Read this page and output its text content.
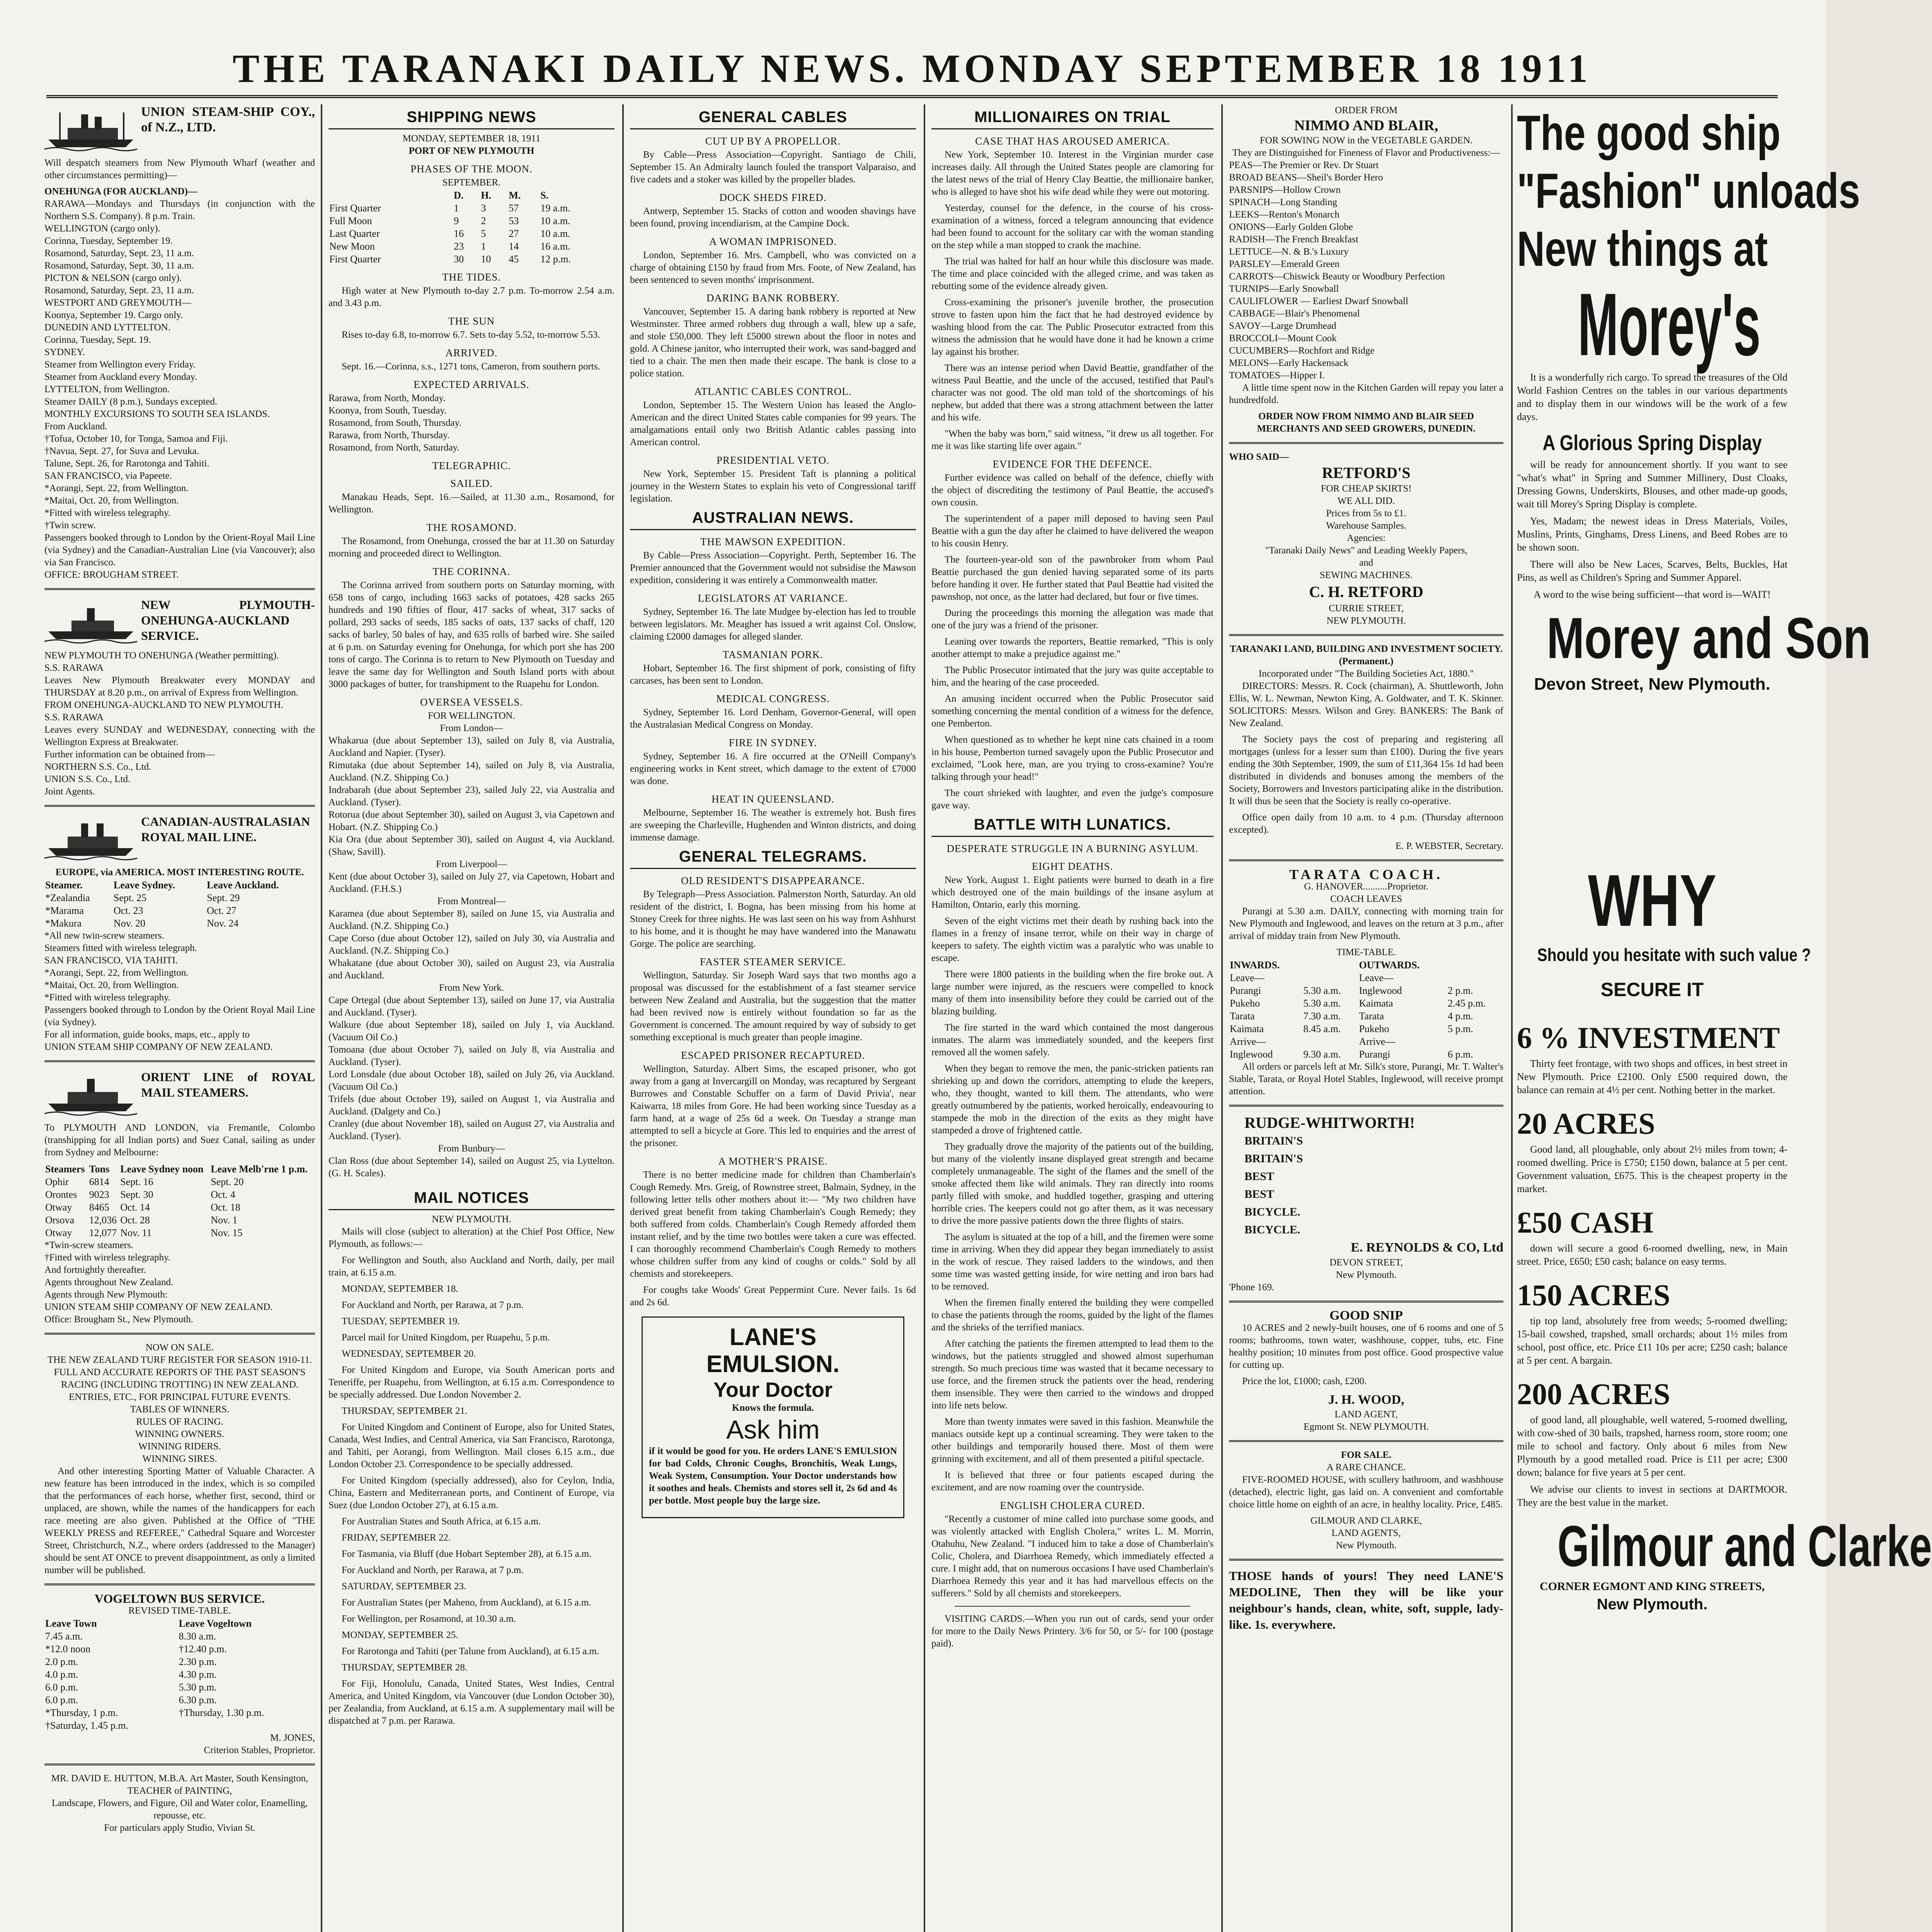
THE TARANAKI DAILY NEWS. MONDAY SEPTEMBER 18 1911
UNION STEAM-SHIP COY., of N.Z., LTD.

Will despatch steamers from New Plymouth Wharf (weather and other circumstances permitting)—

ONEHUNGA (FOR AUCKLAND)—
RARAWA—Mondays and Thursdays (in conjunction with the Northern S.S. Company). 8 p.m. Train.
WELLINGTON (cargo only).
Corinna, Tuesday, September 19.
Rosamond, Saturday, Sept. 23, 11 a.m.
Rosamond, Saturday, Sept. 30, 11 a.m.
PICTON & NELSON (cargo only).
Rosamond, Saturday, Sept. 23, 11 a.m.
WESTPORT AND GREYMOUTH—
Koonya, September 19. Cargo only.
DUNEDIN AND LYTTELTON.
Corinna, Tuesday, Sept. 19.
SYDNEY.
Steamer from Wellington every Friday.
Steamer from Auckland every Monday.
LYTTELTON, from Wellington.
Steamer DAILY (8 p.m.), Sundays excepted.
MONTHLY EXCURSIONS TO SOUTH SEA ISLANDS.
From Auckland.
†Tofua, October 10, for Tonga, Samoa and Fiji.
†Navua, Sept. 27, for Suva and Levuka.
Talune, Sept. 26, for Rarotonga and Tahiti.
SAN FRANCISCO, via Papeete.
*Aorangi, Sept. 22, from Wellington.
*Maitai, Oct. 20, from Wellington.
*Fitted with wireless telegraphy.
†Twin screw.
Passengers booked through to London by the Orient-Royal Mail Line (via Sydney) and the Canadian-Australian Line (via Vancouver); also via San Francisco.
OFFICE: BROUGHAM STREET.
NEW PLYMOUTH-ONEHUNGA-AUCKLAND SERVICE.
NEW PLYMOUTH TO ONEHUNGA (Weather permitting).
S.S. RARAWA
Leaves New Plymouth Breakwater every MONDAY and THURSDAY at 8.20 p.m., on arrival of Express from Wellington.
FROM ONEHUNGA-AUCKLAND TO NEW PLYMOUTH.
S.S. RARAWA
Leaves every SUNDAY and WEDNESDAY, connecting with the Wellington Express at Breakwater.
Further information can be obtained from—
NORTHERN S.S. Co., Ltd.
UNION S.S. Co., Ltd.
Joint Agents.
CANADIAN-AUSTRALASIAN ROYAL MAIL LINE.
EUROPE, via AMERICA. MOST INTERESTING ROUTE.
Steamer.	Leave Sydney.	Leave Auckland.
*Zealandia	Sept. 25	Sept. 29
*Marama	Oct. 23	Oct. 27
*Makura	Nov. 20	Nov. 24
*All new twin-screw steamers.
Steamers fitted with wireless telegraph.
SAN FRANCISCO, VIA TAHITI.
*Aorangi, Sept. 22, from Wellington.
*Maitai, Oct. 20, from Wellington.
*Fitted with wireless telegraphy.
Passengers booked through to London by the Orient Royal Mail Line (via Sydney).
For all information, guide books, maps, etc., apply to
UNION STEAM SHIP COMPANY OF NEW ZEALAND.
ORIENT LINE of ROYAL MAIL STEAMERS.

To PLYMOUTH AND LONDON, via Fremantle, Colombo (transhipping for all Indian ports) and Suez Canal, sailing as under from Sydney and Melbourne:

Steamers	Tons	Leave Sydney noon	Leave Melb'rne 1 p.m.
Ophir	6814	Sept. 16	Sept. 20
Orontes	9023	Sept. 30	Oct. 4
Otway	8465	Oct. 14	Oct. 18
Orsova	12,036	Oct. 28	Nov. 1
Otway	12,077	Nov. 11	Nov. 15
*Twin-screw steamers.
†Fitted with wireless telegraphy.
And fortnightly thereafter.
Agents throughout New Zealand.
Agents through New Plymouth:
UNION STEAM SHIP COMPANY OF NEW ZEALAND.
Office: Brougham St., New Plymouth.
NOW ON SALE.
THE NEW ZEALAND TURF REGISTER FOR SEASON 1910-11.
FULL AND ACCURATE REPORTS OF THE PAST SEASON'S RACING (INCLUDING TROTTING) IN NEW ZEALAND.
ENTRIES, ETC., FOR PRINCIPAL FUTURE EVENTS.
TABLES OF WINNERS.
RULES OF RACING.
WINNING OWNERS.
WINNING RIDERS.
WINNING SIRES.

And other interesting Sporting Matter of Valuable Character. A new feature has been introduced in the index, which is so compiled that the performances of each horse, whether first, second, third or unplaced, are shown, while the names of the handicappers for each race meeting are also given. Published at the Office of "THE WEEKLY PRESS and REFEREE," Cathedral Square and Worcester Street, Christchurch, N.Z., where orders (addressed to the Manager) should be sent AT ONCE to prevent disappointment, as only a limited number will be published.

VOGELTOWN BUS SERVICE.
REVISED TIME-TABLE.
Leave Town	Leave Vogeltown
7.45 a.m.	8.30 a.m.
*12.0 noon	†12.40 p.m.
2.0 p.m.	2.30 p.m.
4.0 p.m.	4.30 p.m.
6.0 p.m.	5.30 p.m.
6.0 p.m.	6.30 p.m.
*Thursday, 1 p.m.	†Thursday, 1.30 p.m.
†Saturday, 1.45 p.m.	
M. JONES,
Criterion Stables, Proprietor.
MR. DAVID E. HUTTON, M.B.A. Art Master, South Kensington, TEACHER of PAINTING,
Landscape, Flowers, and Figure, Oil and Water color, Enamelling, repousse, etc.
For particulars apply Studio, Vivian St.
SHIPPING NEWS
MONDAY, SEPTEMBER 18, 1911
PORT OF NEW PLYMOUTH
PHASES OF THE MOON.
SEPTEMBER.
	D.	H.	M.	S.
First Quarter	1	3	57	19 a.m.
Full Moon	9	2	53	10 a.m.
Last Quarter	16	5	27	10 a.m.
New Moon	23	1	14	16 a.m.
First Quarter	30	10	45	12 p.m.
THE TIDES.

High water at New Plymouth to-day 2.7 p.m. To-morrow 2.54 a.m. and 3.43 p.m.

THE SUN

Rises to-day 6.8, to-morrow 6.7. Sets to-day 5.52, to-morrow 5.53.

ARRIVED.

Sept. 16.—Corinna, s.s., 1271 tons, Cameron, from southern ports.

EXPECTED ARRIVALS.
Rarawa, from North, Monday.
Koonya, from South, Tuesday.
Rosamond, from South, Thursday.
Rarawa, from North, Thursday.
Rosamond, from North, Saturday.
TELEGRAPHIC.
SAILED.

Manakau Heads, Sept. 16.—Sailed, at 11.30 a.m., Rosamond, for Wellington.

THE ROSAMOND.

The Rosamond, from Onehunga, crossed the bar at 11.30 on Saturday morning and proceeded direct to Wellington.

THE CORINNA.

The Corinna arrived from southern ports on Saturday morning, with 658 tons of cargo, including 1663 sacks of potatoes, 428 sacks 265 hundreds and 190 fifties of flour, 417 sacks of wheat, 317 sacks of pollard, 293 sacks of seeds, 185 sacks of oats, 137 sacks of chaff, 120 sacks of barley, 50 bales of hay, and 635 rolls of barbed wire. She sailed at 6 p.m. on Saturday evening for Onehunga, for which port she has 200 tons of cargo. The Corinna is to return to New Plymouth on Tuesday and leave the same day for Wellington and South Island ports with about 3000 packages of butter, for transhipment to the Ruapehu for London.

OVERSEA VESSELS.
FOR WELLINGTON.
From London—
Whakarua (due about September 13), sailed on July 8, via Australia, Auckland and Napier. (Tyser).
Rimutaka (due about September 14), sailed on July 8, via Australia, Auckland. (N.Z. Shipping Co.)
Indrabarah (due about September 23), sailed July 22, via Australia and Auckland. (Tyser).
Rotorua (due about September 30), sailed on August 3, via Capetown and Hobart. (N.Z. Shipping Co.)
Kia Ora (due about September 30), sailed on August 4, via Auckland. (Shaw, Savill).
From Liverpool—
Kent (due about October 3), sailed on July 27, via Capetown, Hobart and Auckland. (F.H.S.)
From Montreal—
Karamea (due about September 8), sailed on June 15, via Australia and Auckland. (N.Z. Shipping Co.)
Cape Corso (due about October 12), sailed on July 30, via Australia and Auckland. (N.Z. Shipping Co.)
Whakatane (due about October 30), sailed on August 23, via Australia and Auckland.
From New York.
Cape Ortegal (due about September 13), sailed on June 17, via Australia and Auckland. (Tyser).
Walkure (due about September 18), sailed on July 1, via Auckland. (Vacuum Oil Co.)
Tomoana (due about October 7), sailed on July 8, via Australia and Auckland. (Tyser).
Lord Lonsdale (due about October 18), sailed on July 26, via Auckland. (Vacuum Oil Co.)
Trifels (due about October 19), sailed on August 1, via Australia and Auckland. (Dalgety and Co.)
Cranley (due about November 18), sailed on August 27, via Australia and Auckland. (Tyser).
From Bunbury—
Clan Ross (due about September 14), sailed on August 25, via Lyttelton. (G. H. Scales).
MAIL NOTICES
NEW PLYMOUTH.

Mails will close (subject to alteration) at the Chief Post Office, New Plymouth, as follows:—

For Wellington and South, also Auckland and North, daily, per mail train, at 6.15 a.m.

MONDAY, SEPTEMBER 18.

For Auckland and North, per Rarawa, at 7 p.m.

TUESDAY, SEPTEMBER 19.

Parcel mail for United Kingdom, per Ruapehu, 5 p.m.

WEDNESDAY, SEPTEMBER 20.

For United Kingdom and Europe, via South American ports and Teneriffe, per Ruapehu, from Wellington, at 6.15 a.m. Correspondence to be specially addressed. Due London November 2.

THURSDAY, SEPTEMBER 21.

For United Kingdom and Continent of Europe, also for United States, Canada, West Indies, and Central America, via San Francisco, Rarotonga, and Tahiti, per Aorangi, from Wellington. Mail closes 6.15 a.m., due London October 23. Correspondence to be specially addressed.

For United Kingdom (specially addressed), also for Ceylon, India, China, Eastern and Mediterranean ports, and Continent of Europe, via Suez (due London October 27), at 6.15 a.m.

For Australian States and South Africa, at 6.15 a.m.

FRIDAY, SEPTEMBER 22.

For Tasmania, via Bluff (due Hobart September 28), at 6.15 a.m.

For Auckland and North, per Rarawa, at 7 p.m.

SATURDAY, SEPTEMBER 23.

For Australian States (per Maheno, from Auckland), at 6.15 a.m.

For Wellington, per Rosamond, at 10.30 a.m.

MONDAY, SEPTEMBER 25.

For Rarotonga and Tahiti (per Talune from Auckland), at 6.15 a.m.

THURSDAY, SEPTEMBER 28.

For Fiji, Honolulu, Canada, United States, West Indies, Central America, and United Kingdom, via Vancouver (due London October 30), per Zealandia, from Auckland, at 6.15 a.m. A supplementary mail will be dispatched at 7 p.m. per Rarawa.

GENERAL CABLES
CUT UP BY A PROPELLOR.

By Cable—Press Association—Copyright. Santiago de Chili, September 15. An Admiralty launch fouled the transport Valparaiso, and five cadets and a stoker was killed by the propeller blades.

DOCK SHEDS FIRED.

Antwerp, September 15. Stacks of cotton and wooden shavings have been found, proving incendiarism, at the Campine Dock.

A WOMAN IMPRISONED.

London, September 16. Mrs. Campbell, who was convicted on a charge of obtaining £150 by fraud from Mrs. Foote, of New Zealand, has been sentenced to seven months' imprisonment.

DARING BANK ROBBERY.

Vancouver, September 15. A daring bank robbery is reported at New Westminster. Three armed robbers dug through a wall, blew up a safe, and stole £50,000. They left £5000 strewn about the floor in notes and gold. A Chinese janitor, who interrupted their work, was sand-bagged and tied to a chair. The men then made their escape. The bank is close to a police station.

ATLANTIC CABLES CONTROL.

London, September 15. The Western Union has leased the Anglo-American and the direct United States cable companies for 99 years. The amalgamations entail only two British Atlantic cables passing into American control.

PRESIDENTIAL VETO.

New York, September 15. President Taft is planning a political journey in the Western States to explain his veto of Congressional tariff legislation.

AUSTRALIAN NEWS.
THE MAWSON EXPEDITION.

By Cable—Press Association—Copyright. Perth, September 16. The Premier announced that the Government would not subsidise the Mawson expedition, considering it was entirely a Commonwealth matter.

LEGISLATORS AT VARIANCE.

Sydney, September 16. The late Mudgee by-election has led to trouble between legislators. Mr. Meagher has issued a writ against Col. Onslow, claiming £2000 damages for alleged slander.

TASMANIAN PORK.

Hobart, September 16. The first shipment of pork, consisting of fifty carcases, has been sent to London.

MEDICAL CONGRESS.

Sydney, September 16. Lord Denham, Governor-General, will open the Australasian Medical Congress on Monday.

FIRE IN SYDNEY.

Sydney, September 16. A fire occurred at the O'Neill Company's engineering works in Kent street, which damage to the extent of £7000 was done.

HEAT IN QUEENSLAND.

Melbourne, September 16. The weather is extremely hot. Bush fires are sweeping the Charleville, Hughenden and Winton districts, and doing immense damage.

GENERAL TELEGRAMS.
OLD RESIDENT'S DISAPPEARANCE.

By Telegraph—Press Association. Palmerston North, Saturday. An old resident of the district, I. Bogna, has been missing from his home at Stoney Creek for three nights. He was last seen on his way from Ashhurst to his home, and it is thought he may have wandered into the Manawatu Gorge. The police are searching.

FASTER STEAMER SERVICE.

Wellington, Saturday. Sir Joseph Ward says that two months ago a proposal was discussed for the establishment of a fast steamer service between New Zealand and Australia, but the suggestion that the matter had been revived now is entirely without foundation so far as the Government is concerned. The amount required by way of subsidy to get something exceptional is much greater than people imagine.

ESCAPED PRISONER RECAPTURED.

Wellington, Saturday. Albert Sims, the escaped prisoner, who got away from a gang at Invercargill on Monday, was recaptured by Sergeant Burrowes and Constable Schuffer on a farm of David Privia', near Kaiwarra, 18 miles from Gore. He had been working since Tuesday as a farm hand, at a wage of 25s 6d a week. On Tuesday a strange man attempted to sell a bicycle at Gore. This led to enquiries and the arrest of the prisoner.

A MOTHER'S PRAISE.

There is no better medicine made for children than Chamberlain's Cough Remedy. Mrs. Greig, of Rownstree street, Balmain, Sydney, in the following letter tells other mothers about it:— "My two children have derived great benefit from taking Chamberlain's Cough Remedy; they both suffered from colds. Chamberlain's Cough Remedy afforded them instant relief, and by the time two bottles were taken a cure was effected. I can thoroughly recommend Chamberlain's Cough Remedy to mothers whose children suffer from any kind of coughs or colds." Sold by all chemists and storekeepers.

For coughs take Woods' Great Peppermint Cure. Never fails. 1s 6d and 2s 6d.

LANE'S
EMULSION.
Your Doctor
Knows the formula.
Ask him

if it would be good for you. He orders LANE'S EMULSION for bad Colds, Chronic Coughs, Bronchitis, Weak Lungs, Weak System, Consumption. Your Doctor understands how it soothes and heals. Chemists and stores sell it, 2s 6d and 4s per bottle. Most people buy the large size.

MILLIONAIRES ON TRIAL
CASE THAT HAS AROUSED AMERICA.

New York, September 10. Interest in the Virginian murder case increases daily. All through the United States people are clamoring for the latest news of the trial of Henry Clay Beattie, the millionaire banker, who is alleged to have shot his wife dead while they were out motoring.

Yesterday, counsel for the defence, in the course of his cross-examination of a witness, forced a telegram announcing that evidence had been found to account for the solitary car with the woman standing on the step while a man stopped to crank the machine.

The trial was halted for half an hour while this disclosure was made. The time and place coincided with the alleged crime, and was taken as rebutting some of the evidence already given.

Cross-examining the prisoner's juvenile brother, the prosecution strove to fasten upon him the fact that he had destroyed evidence by washing blood from the car. The Public Prosecutor extracted from this witness the admission that he would have done it had he known a crime lay against his brother.

There was an intense period when David Beattie, grandfather of the witness Paul Beattie, and the uncle of the accused, testified that Paul's character was not good. The old man told of the shortcomings of his nephew, but added that there was a strong attachment between the latter and his wife.

"When the baby was born," said witness, "it drew us all together. For me it was like starting life over again."

EVIDENCE FOR THE DEFENCE.

Further evidence was called on behalf of the defence, chiefly with the object of discrediting the testimony of Paul Beattie, the accused's own cousin.

The superintendent of a paper mill deposed to having seen Paul Beattie with a gun the day after he claimed to have delivered the weapon to his cousin Henry.

The fourteen-year-old son of the pawnbroker from whom Paul Beattie purchased the gun denied having separated some of its parts before handing it over. He further stated that Paul Beattie had visited the pawnshop, not once, as the latter had declared, but four or five times.

During the proceedings this morning the allegation was made that one of the jury was a friend of the prisoner.

Leaning over towards the reporters, Beattie remarked, "This is only another attempt to make a prejudice against me."

The Public Prosecutor intimated that the jury was quite acceptable to him, and the hearing of the case proceeded.

An amusing incident occurred when the Public Prosecutor said something concerning the mental condition of a witness for the defence, one Pemberton.

When questioned as to whether he kept nine cats chained in a room in his house, Pemberton turned savagely upon the Public Prosecutor and exclaimed, "Look here, man, are you trying to cross-examine? You're talking through your head!"

The court shrieked with laughter, and even the judge's composure gave way.

BATTLE WITH LUNATICS.
DESPERATE STRUGGLE IN A BURNING ASYLUM.
EIGHT DEATHS.

New York, August 1. Eight patients were burned to death in a fire which destroyed one of the main buildings of the insane asylum at Hamilton, Ontario, early this morning.

Seven of the eight victims met their death by rushing back into the flames in a frenzy of insane terror, while on their way in charge of keepers to safety. The eighth victim was a paralytic who was unable to escape.

There were 1800 patients in the building when the fire broke out. A large number were injured, as the rescuers were compelled to knock many of them into insensibility before they could be carried out of the blazing building.

The fire started in the ward which contained the most dangerous inmates. The alarm was immediately sounded, and the keepers first removed all the women safely.

When they began to remove the men, the panic-stricken patients ran shrieking up and down the corridors, attempting to elude the keepers, who, they thought, wanted to kill them. The attendants, who were greatly outnumbered by the patients, worked heroically, endeavouring to stampede the mob in the direction of the exits as they might have stampeded a drove of frightened cattle.

They gradually drove the majority of the patients out of the building, but many of the violently insane displayed great strength and became completely unmanageable. The sight of the flames and the smell of the smoke affected them like wild animals. They ran directly into rooms partly filled with smoke, and huddled together, grasping and uttering horrible cries. The keepers could not go after them, as it was necessary to drive the more passive patients down the three flights of stairs.

The asylum is situated at the top of a hill, and the firemen were some time in arriving. When they did appear they began immediately to assist in the work of rescue. They raised ladders to the windows, and then some time was wasted getting inside, for wire netting and iron bars had to be removed.

When the firemen finally entered the building they were compelled to chase the patients through the rooms, guided by the light of the flames and the shrieks of the terrified maniacs.

After catching the patients the firemen attempted to lead them to the windows, but the patients struggled and showed almost superhuman strength. So much precious time was wasted that it became necessary to use force, and the firemen struck the patients over the head, rendering them insensible. They were then carried to the windows and dropped into life nets below.

More than twenty inmates were saved in this fashion. Meanwhile the maniacs outside kept up a continual screaming. They were taken to the other buildings and temporarily housed there. Most of them were grinning with excitement, and all of them presented a pitiful spectacle.

It is believed that three or four patients escaped during the excitement, and are now roaming over the countryside.

ENGLISH CHOLERA CURED.

"Recently a customer of mine called into purchase some goods, and was violently attacked with English Cholera," writes L. M. Morrin, Otahuhu, New Zealand. "I induced him to take a dose of Chamberlain's Colic, Cholera, and Diarrhoea Remedy, which immediately effected a cure. I might add, that on numerous occasions I have used Chamberlain's Diarrhoea Remedy this year and it has had marvellous effects on the sufferers." Sold by all chemists and storekeepers.

VISITING CARDS.—When you run out of cards, send your order for more to the Daily News Printery. 3/6 for 50, or 5/- for 100 (postage paid).

ORDER FROM
NIMMO AND BLAIR,
FOR SOWING NOW in the VEGETABLE GARDEN.
They are Distinguished for Fineness of Flavor and Productiveness:—
PEAS—The Premier or Rev. Dr Stuart
BROAD BEANS—Sheil's Border Hero
PARSNIPS—Hollow Crown
SPINACH—Long Standing
LEEKS—Renton's Monarch
ONIONS—Early Golden Globe
RADISH—The French Breakfast
LETTUCE—N. & B.'s Luxury
PARSLEY—Emerald Green
CARROTS—Chiswick Beauty or Woodbury Perfection
TURNIPS—Early Snowball
CAULIFLOWER — Earliest Dwarf Snowball
CABBAGE—Blair's Phenomenal
SAVOY—Large Drumhead
BROCCOLI—Mount Cook
CUCUMBERS—Rochfort and Ridge
MELONS—Early Hackensack
TOMATOES—Hipper I.

A little time spent now in the Kitchen Garden will repay you later a hundredfold.

ORDER NOW FROM NIMMO AND BLAIR SEED MERCHANTS AND SEED GROWERS, DUNEDIN.

WHO SAID—
RETFORD'S
FOR CHEAP SKIRTS!
WE ALL DID.
Prices from 5s to £1.
Warehouse Samples.
Agencies:
"Taranaki Daily News" and Leading Weekly Papers,
and
SEWING MACHINES.
C. H. RETFORD
CURRIE STREET,
NEW PLYMOUTH.
TARANAKI LAND, BUILDING AND INVESTMENT SOCIETY. (Permanent.)
Incorporated under "The Building Societies Act, 1880."

DIRECTORS: Messrs. R. Cock (chairman), A. Shuttleworth, John Ellis, W. L. Newman, Newton King, A. Goldwater, and T. K. Skinner. SOLICITORS: Messrs. Wilson and Grey. BANKERS: The Bank of New Zealand.

The Society pays the cost of preparing and registering all mortgages (unless for a lesser sum than £100). During the five years ending the 30th September, 1909, the sum of £11,364 15s 1d had been distributed in dividends and bonuses among the members of the Society, Borrowers and Investors participating alike in the distribution. It will thus be seen that the Society is really co-operative.

Office open daily from 10 a.m. to 4 p.m. (Thursday afternoon excepted).

E. P. WEBSTER, Secretary.
TARATA COACH.
G. HANOVER..........Proprietor.
COACH LEAVES

Purangi at 5.30 a.m. DAILY, connecting with morning train for New Plymouth and Inglewood, and leaves on the return at 3 p.m., after arrival of midday train from New Plymouth.

TIME-TABLE.
INWARDS.		OUTWARDS.	
Leave—		Leave—	
Purangi	5.30 a.m.	Inglewood	2 p.m.
Pukeho	5.30 a.m.	Kaimata	2.45 p.m.
Tarata	7.30 a.m.	Tarata	4 p.m.
Kaimata	8.45 a.m.	Pukeho	5 p.m.
Arrive—		Arrive—	
Inglewood	9.30 a.m.	Purangi	6 p.m.

All orders or parcels left at Mr. Silk's store, Purangi, Mr. T. Walter's Stable, Tarata, or Royal Hotel Stables, Inglewood, will receive prompt attention.

RUDGE-WHITWORTH!
BRITAIN'S
BRITAIN'S
BEST
BEST
BICYCLE.
BICYCLE.
E. REYNOLDS & CO, Ltd
DEVON STREET,
New Plymouth.
'Phone 169.
GOOD SNIP

10 ACRES and 2 newly-built houses, one of 6 rooms and one of 5 rooms; bathrooms, town water, washhouse, copper, tubs, etc. Fine healthy position; 10 minutes from post office. Good prospective value for cutting up.

Price the lot, £1000; cash, £200.

J. H. WOOD,
LAND AGENT,
Egmont St. NEW PLYMOUTH.
FOR SALE.
A RARE CHANCE.

FIVE-ROOMED HOUSE, with scullery bathroom, and washhouse (detached), electric light, gas laid on. A convenient and comfortable choice little home on eighth of an acre, in healthy locality. Price, £485.

GILMOUR AND CLARKE,
LAND AGENTS,
New Plymouth.

THOSE hands of yours! They need LANE'S MEDOLINE, Then they will be like your neighbour's hands, clean, white, soft, supple, lady-like. 1s. everywhere.

The good ship
"Fashion" unloads
New things at
Morey's

It is a wonderfully rich cargo. To spread the treasures of the Old World Fashion Centres on the tables in our various departments and to display them in our windows will be the work of a few days.

A Glorious Spring Display

will be ready for announcement shortly. If you want to see "what's what" in Spring and Summer Millinery, Dust Cloaks, Dressing Gowns, Underskirts, Blouses, and other made-up goods, wait till Morey's Spring Display is complete.

Yes, Madam; the newest ideas in Dress Materials, Voiles, Muslins, Prints, Ginghams, Dress Linens, and Beed Robes are to be shown soon.

There will also be New Laces, Scarves, Belts, Buckles, Hat Pins, as well as Children's Spring and Summer Apparel.

A word to the wise being sufficient—that word is—WAIT!

Morey and Son
Devon Street, New Plymouth.
WHY
Should you hesitate with such value ?
SECURE IT
6 % INVESTMENT

Thirty feet frontage, with two shops and offices, in best street in New Plymouth. Price £2100. Only £500 required down, the balance can remain at 4½ per cent. Nothing better in the market.

20 ACRES

Good land, all ploughable, only about 2½ miles from town; 4-roomed dwelling. Price is £750; £150 down, balance at 5 per cent. Government valuation, £675. This is the cheapest property in the market.

£50 CASH

down will secure a good 6-roomed dwelling, new, in Main street. Price, £650; £50 cash; balance on easy terms.

150 ACRES

tip top land, absolutely free from weeds; 5-roomed dwelling; 15-bail cowshed, trapshed, small orchards; about 1½ miles from school, post office, etc. Price £11 10s per acre; £250 cash; balance at 5 per cent. A bargain.

200 ACRES

of good land, all ploughable, well watered, 5-roomed dwelling, with cow-shed of 30 bails, trapshed, harness room, store room; one mile to school and factory. Only about 6 miles from New Plymouth by a good metalled road. Price is £11 per acre; £300 down; balance for five years at 5 per cent.

We advise our clients to invest in sections at DARTMOOR. They are the best value in the market.

Gilmour and Clarke
CORNER EGMONT AND KING STREETS,
New Plymouth.
